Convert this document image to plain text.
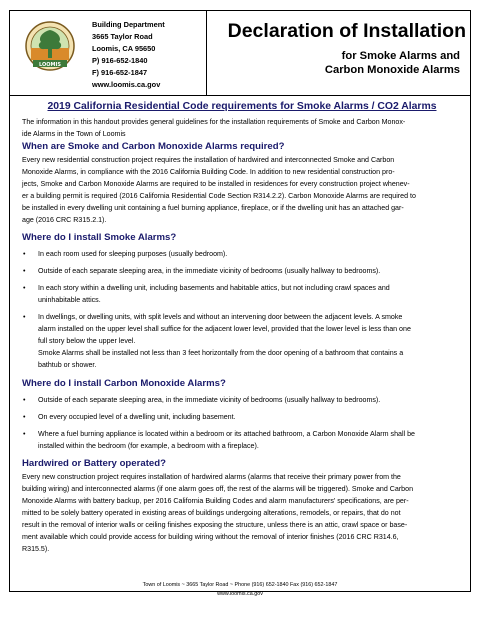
LOOMIS
Building Department
3665 Taylor Road
Loomis, CA 95650
P) 916-652-1840
F) 916-652-1847
www.loomis.ca.gov
Declaration of Installation
for Smoke Alarms and
Carbon Monoxide Alarms
2019 California Residential Code requirements for Smoke Alarms / CO2 Alarms

The information in this handout provides general guidelines for the installation requirements of Smoke and Carbon Monox-
ide Alarms in the Town of Loomis

When are Smoke and Carbon Monoxide Alarms required?

Every new residential construction project requires the installation of hardwired and interconnected Smoke and Carbon
Monoxide Alarms, in compliance with the 2016 California Building Code. In addition to new residential construction pro-
jects, Smoke and Carbon Monoxide Alarms are required to be installed in residences for every construction project whenev-
er a building permit is required (2016 California Residential Code Section R314.2.2). Carbon Monoxide Alarms are required to
be installed in every dwelling unit containing a fuel burning appliance, fireplace, or if the dwelling unit has an attached gar-
age (2016 CRC R315.2.1).

Where do I install Smoke Alarms?
• In each room used for sleeping purposes (usually bedroom).
• Outside of each separate sleeping area, in the immediate vicinity of bedrooms (usually hallway to bedrooms).
• In each story within a dwelling unit, including basements and habitable attics, but not including crawl spaces and
uninhabitable attics.
• In dwellings, or dwelling units, with split levels and without an intervening door between the adjacent levels. A smoke
alarm installed on the upper level shall suffice for the adjacent lower level, provided that the lower level is less than one
full story below the upper level.
Smoke Alarms shall be installed not less than 3 feet horizontally from the door opening of a bathroom that contains a
bathtub or shower.
Where do I install Carbon Monoxide Alarms?
• Outside of each separate sleeping area, in the immediate vicinity of bedrooms (usually hallway to bedrooms).
• On every occupied level of a dwelling unit, including basement.
• Where a fuel burning appliance is located within a bedroom or its attached bathroom, a Carbon Monoxide Alarm shall be
installed within the bedroom (for example, a bedroom with a fireplace).
Hardwired or Battery operated?

Every new construction project requires installation of hardwired alarms (alarms that receive their primary power from the
building wiring) and interconnected alarms (if one alarm goes off, the rest of the alarms will be triggered). Smoke and Carbon
Monoxide Alarms with battery backup, per 2016 California Building Codes and alarm manufacturers' specifications, are per-
mitted to be solely battery operated in existing areas of buildings undergoing alterations, remodels, or repairs, that do not
result in the removal of interior walls or ceiling finishes exposing the structure, unless there is an attic, crawl space or base-
ment available which could provide access for building wiring without the removal of interior finishes (2016 CRC R314.6,
R315.5).

Town of Loomis ~ 3665 Taylor Road ~ Phone (916) 652-1840 Fax (916) 652-1847
www.loomis.ca.gov
